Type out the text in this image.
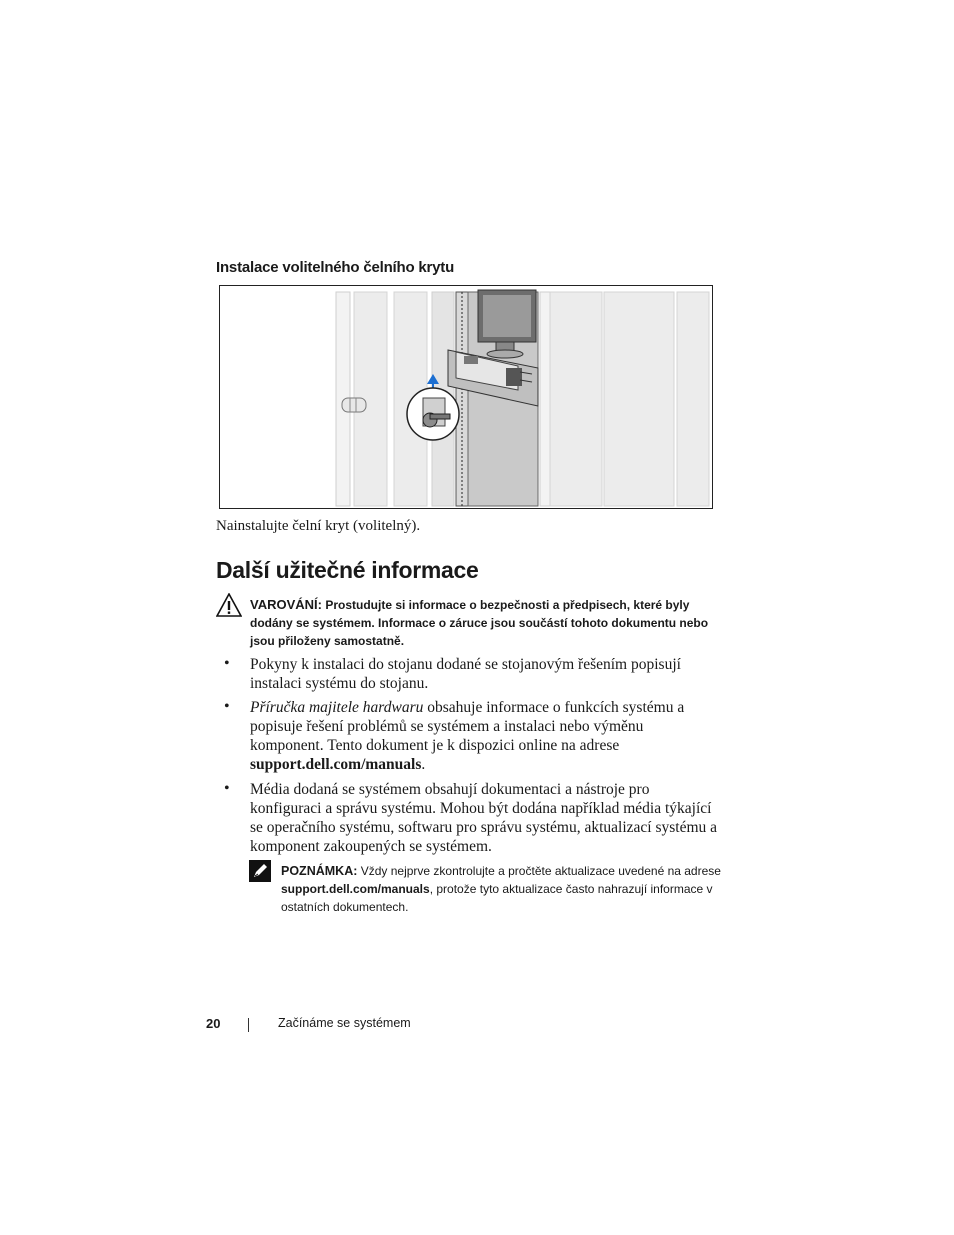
Instalace volitelného čelního krytu
Nainstalujte čelní kryt (volitelný).
Další užitečné informace
VAROVÁNÍ: Prostudujte si informace o bezpečnosti a předpisech, které byly dodány se systémem. Informace o záruce jsou součástí tohoto dokumentu nebo jsou přiloženy samostatně.
• Pokyny k instalaci do stojanu dodané se stojanovým řešením popisují instalaci systému do stojanu.
• Příručka majitele hardwaru obsahuje informace o funkcích systému a popisuje řešení problémů se systémem a instalaci nebo výměnu komponent. Tento dokument je k dispozici online na adrese support.dell.com/manuals.
• Média dodaná se systémem obsahují dokumentaci a nástroje pro konfiguraci a správu systému. Mohou být dodána například média týkající se operačního systému, softwaru pro správu systému, aktualizací systému a komponent zakoupených se systémem.
POZNÁMKA: Vždy nejprve zkontrolujte a pročtěte aktualizace uvedené na adrese support.dell.com/manuals, protože tyto aktualizace často nahrazují informace v ostatních dokumentech.
20	Začínáme se systémem
